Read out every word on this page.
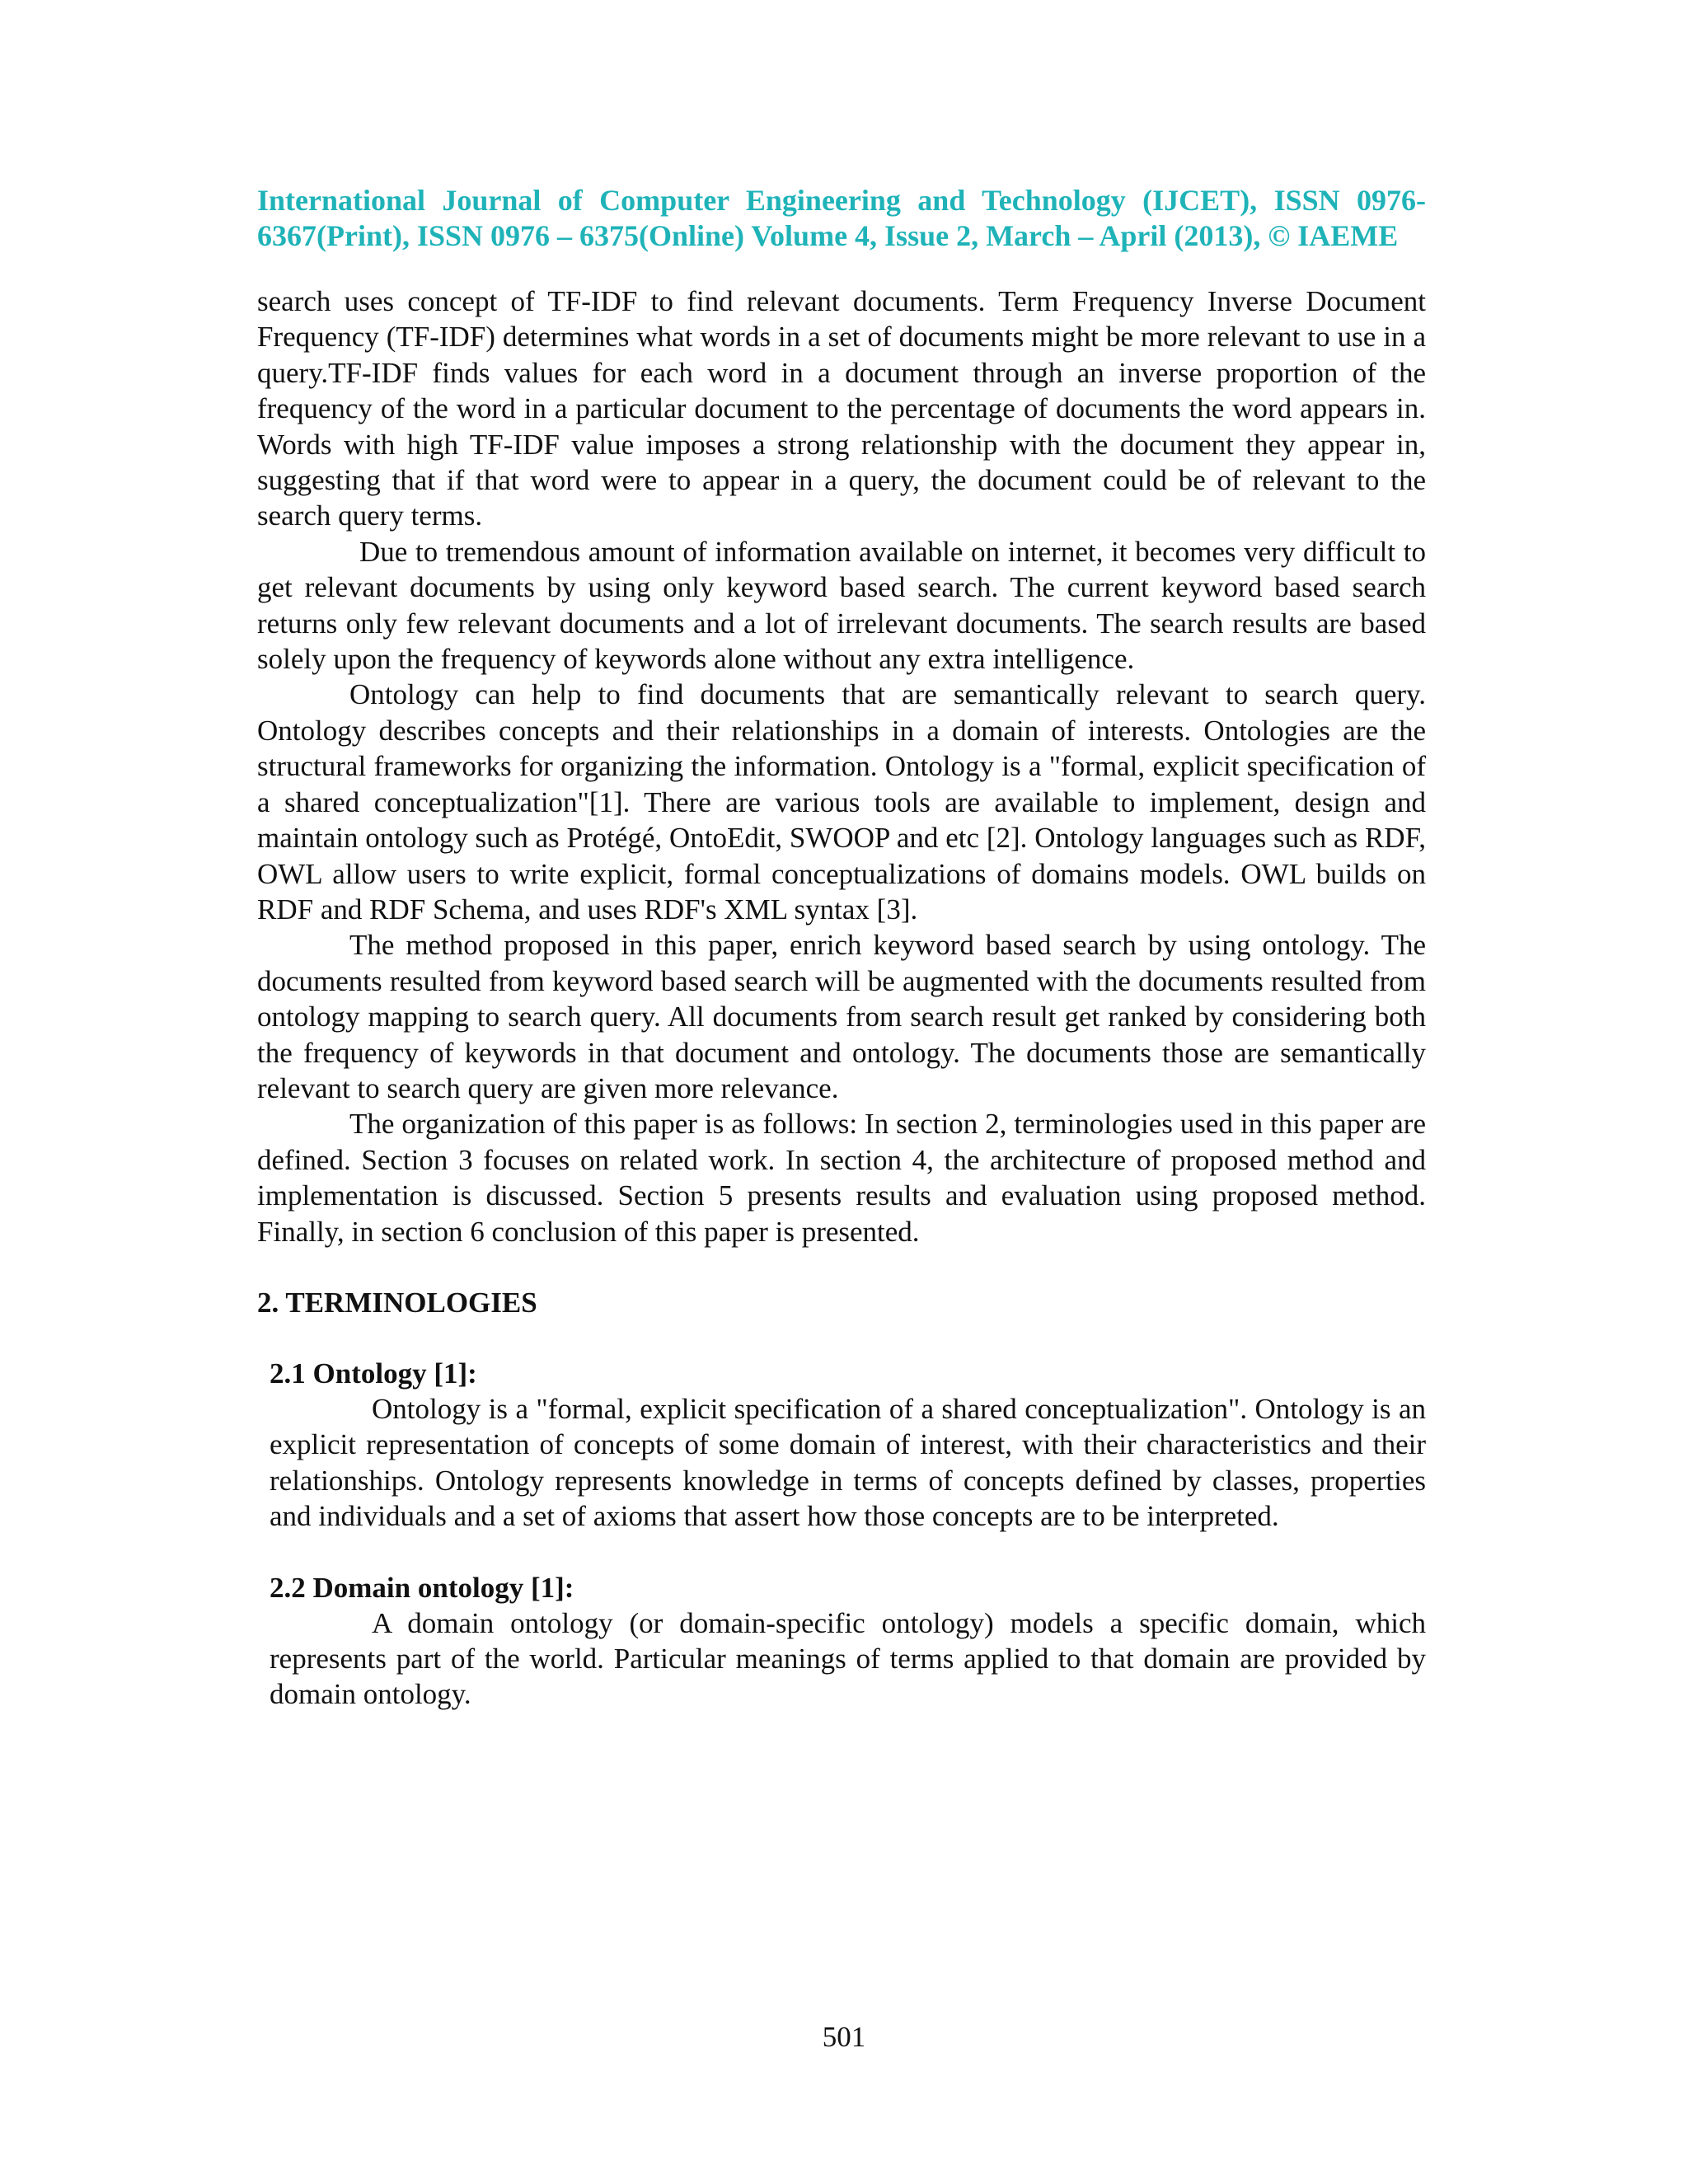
International Journal of Computer Engineering and Technology (IJCET), ISSN 0976-6367(Print), ISSN 0976 – 6375(Online) Volume 4, Issue 2, March – April (2013), © IAEME

search uses concept of TF-IDF to find relevant documents. Term Frequency Inverse Document Frequency (TF-IDF) determines what words in a set of documents might be more relevant to use in a query.TF-IDF finds values for each word in a document through an inverse proportion of the frequency of the word in a particular document to the percentage of documents the word appears in. Words with high TF-IDF value imposes a strong relationship with the document they appear in, suggesting that if that word were to appear in a query, the document could be of relevant to the search query terms.

Due to tremendous amount of information available on internet, it becomes very difficult to get relevant documents by using only keyword based search. The current keyword based search returns only few relevant documents and a lot of irrelevant documents. The search results are based solely upon the frequency of keywords alone without any extra intelligence.

Ontology can help to find documents that are semantically relevant to search query. Ontology describes concepts and their relationships in a domain of interests. Ontologies are the structural frameworks for organizing the information. Ontology is a "formal, explicit specification of a shared conceptualization"[1]. There are various tools are available to implement, design and maintain ontology such as Protégé, OntoEdit, SWOOP and etc [2]. Ontology languages such as RDF, OWL allow users to write explicit, formal conceptualizations of domains models. OWL builds on RDF and RDF Schema, and uses RDF's XML syntax [3].

The method proposed in this paper, enrich keyword based search by using ontology. The documents resulted from keyword based search will be augmented with the documents resulted from ontology mapping to search query. All documents from search result get ranked by considering both the frequency of keywords in that document and ontology. The documents those are semantically relevant to search query are given more relevance.

The organization of this paper is as follows: In section 2, terminologies used in this paper are defined. Section 3 focuses on related work. In section 4, the architecture of proposed method and implementation is discussed. Section 5 presents results and evaluation using proposed method. Finally, in section 6 conclusion of this paper is presented.

2. TERMINOLOGIES
2.1 Ontology [1]:

Ontology is a "formal, explicit specification of a shared conceptualization". Ontology is an explicit representation of concepts of some domain of interest, with their characteristics and their relationships. Ontology represents knowledge in terms of concepts defined by classes, properties and individuals and a set of axioms that assert how those concepts are to be interpreted.

2.2 Domain ontology [1]:

A domain ontology (or domain-specific ontology) models a specific domain, which represents part of the world. Particular meanings of terms applied to that domain are provided by domain ontology.

501
